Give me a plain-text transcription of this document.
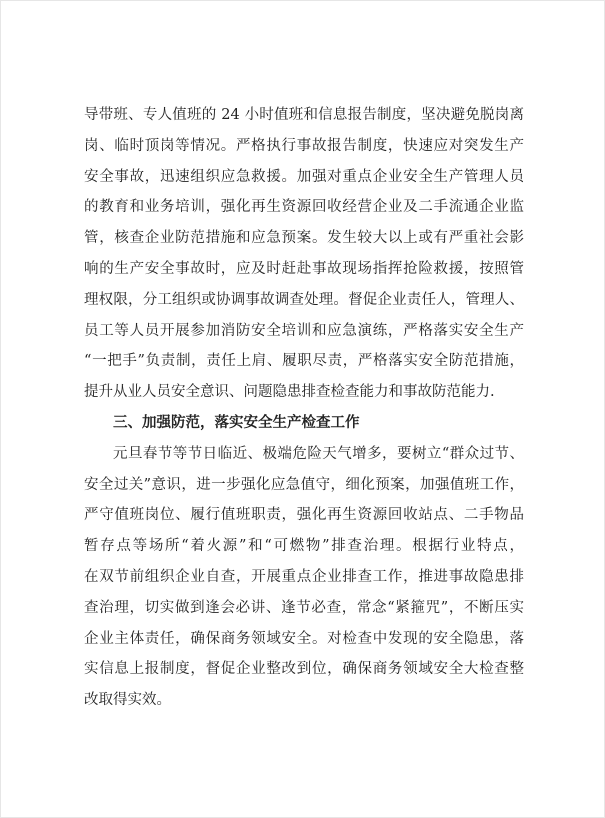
导带班、专人值班的 24 小时值班和信息报告制度，坚决避免脱岗离
岗、临时顶岗等情况。严格执行事故报告制度，快速应对突发生产
安全事故，迅速组织应急救援。加强对重点企业安全生产管理人员
的教育和业务培训，强化再生资源回收经营企业及二手流通企业监
管，核查企业防范措施和应急预案。发生较大以上或有严重社会影
响的生产安全事故时，应及时赶赴事故现场指挥抢险救援，按照管
理权限，分工组织或协调事故调查处理。督促企业责任人，管理人、
员工等人员开展参加消防安全培训和应急演练，严格落实安全生产
“一把手”负责制，责任上肩、履职尽责，严格落实安全防范措施，
提升从业人员安全意识、问题隐患排查检查能力和事故防范能力.
三、加强防范，落实安全生产检查工作
元旦春节等节日临近、极端危险天气增多，要树立“群众过节、
安全过关”意识，进一步强化应急值守，细化预案，加强值班工作，
严守值班岗位、履行值班职责，强化再生资源回收站点、二手物品
暂存点等场所“着火源”和“可燃物”排查治理。根据行业特点，
在双节前组织企业自查，开展重点企业排查工作，推进事故隐患排
查治理，切实做到逢会必讲、逢节必查，常念“紧箍咒”，不断压实
企业主体责任，确保商务领域安全。对检查中发现的安全隐患，落
实信息上报制度，督促企业整改到位，确保商务领域安全大检查整
改取得实效。
